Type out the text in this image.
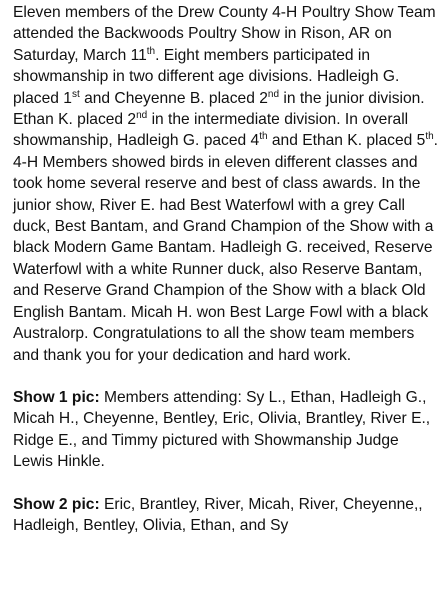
Eleven members of the Drew County 4-H Poultry Show Team attended the Backwoods Poultry Show in Rison, AR on Saturday, March 11th. Eight members participated in showmanship in two different age divisions. Hadleigh G. placed 1st and Cheyenne B. placed 2nd in the junior division. Ethan K. placed 2nd in the intermediate division. In overall showmanship, Hadleigh G. paced 4th and Ethan K. placed 5th.

4-H Members showed birds in eleven different classes and took home several reserve and best of class awards. In the junior show, River E. had Best Waterfowl with a grey Call duck, Best Bantam, and Grand Champion of the Show with a black Modern Game Bantam. Hadleigh G. received, Reserve Waterfowl with a white Runner duck, also Reserve Bantam, and Reserve Grand Champion of the Show with a black Old English Bantam. Micah H. won Best Large Fowl with a black Australorp. Congratulations to all the show team members and thank you for your dedication and hard work.

Show 1 pic: Members attending: Sy L., Ethan, Hadleigh G., Micah H., Cheyenne, Bentley, Eric, Olivia, Brantley, River E., Ridge E., and Timmy pictured with Showmanship Judge Lewis Hinkle.

Show 2 pic: Eric, Brantley, River, Micah, River, Cheyenne,, Hadleigh, Bentley, Olivia, Ethan, and Sy
